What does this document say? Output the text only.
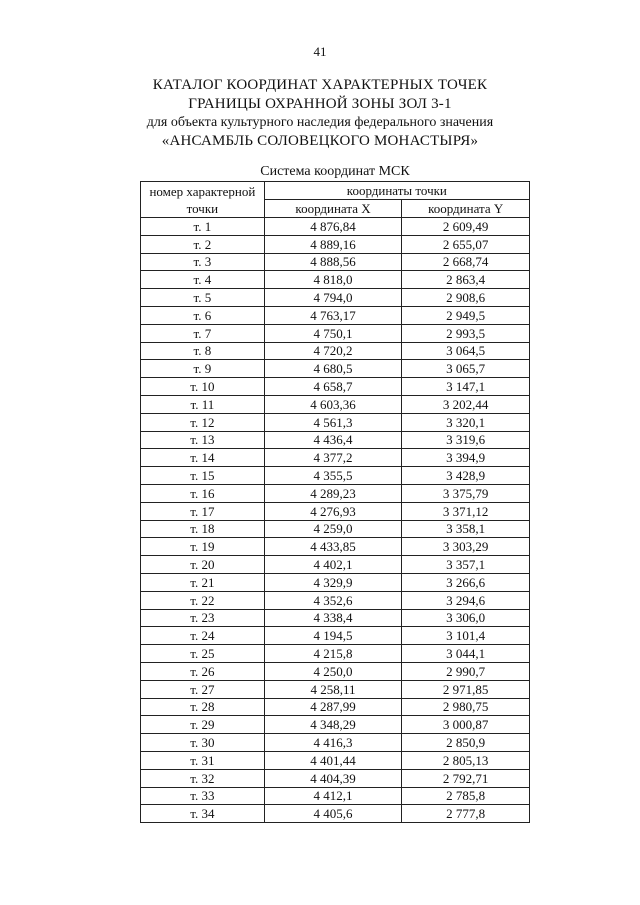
41
КАТАЛОГ КООРДИНАТ ХАРАКТЕРНЫХ ТОЧЕК
ГРАНИЦЫ ОХРАННОЙ ЗОНЫ ЗОЛ 3-1
для объекта культурного наследия федерального значения
«АНСАМБЛЬ СОЛОВЕЦКОГО МОНАСТЫРЯ»
Система координат МСК
номер характерной точки	координаты точки	
	координата X	координата Y
т. 1	4 876,84	2 609,49
т. 2	4 889,16	2 655,07
т. 3	4 888,56	2 668,74
т. 4	4 818,0	2 863,4
т. 5	4 794,0	2 908,6
т. 6	4 763,17	2 949,5
т. 7	4 750,1	2 993,5
т. 8	4 720,2	3 064,5
т. 9	4 680,5	3 065,7
т. 10	4 658,7	3 147,1
т. 11	4 603,36	3 202,44
т. 12	4 561,3	3 320,1
т. 13	4 436,4	3 319,6
т. 14	4 377,2	3 394,9
т. 15	4 355,5	3 428,9
т. 16	4 289,23	3 375,79
т. 17	4 276,93	3 371,12
т. 18	4 259,0	3 358,1
т. 19	4 433,85	3 303,29
т. 20	4 402,1	3 357,1
т. 21	4 329,9	3 266,6
т. 22	4 352,6	3 294,6
т. 23	4 338,4	3 306,0
т. 24	4 194,5	3 101,4
т. 25	4 215,8	3 044,1
т. 26	4 250,0	2 990,7
т. 27	4 258,11	2 971,85
т. 28	4 287,99	2 980,75
т. 29	4 348,29	3 000,87
т. 30	4 416,3	2 850,9
т. 31	4 401,44	2 805,13
т. 32	4 404,39	2 792,71
т. 33	4 412,1	2 785,8
т. 34	4 405,6	2 777,8
